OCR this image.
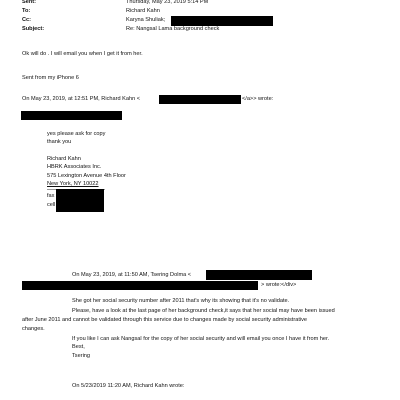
Sent:	Thursday, May 23, 2019 5:14 PM
To:	Richard Kahn
Cc:	Karyna Shuliak;
Subject:	Re: Nangsal Lama background check
Ok will do . I will email you when I get it from her.
Sent from my iPhone 6
On May 23, 2019, at 12:51 PM, Richard Kahn <	</a>> wrote:
yes please ask for copy
thank you
Richard Kahn
HBRK Associates Inc.
575 Lexington Avenue 4th Floor
New York, NY 10022
fax
cell
On May 23, 2019, at 11:50 AM, Tsering Dolma <
> wrote:</div>
She got her social security number after 2011 that's why its showing that it's no validate.
Please, have a look at the last page of her background check,it says that her social may have been issued
after June 2011 and cannot be validated through this service due to changes made by social security administrative
changes.
If you like I can ask Nangsal for the copy of her social security and will email you once I have it from her.
Best,
Tsering
On 5/23/2019 11:20 AM, Richard Kahn wrote:
